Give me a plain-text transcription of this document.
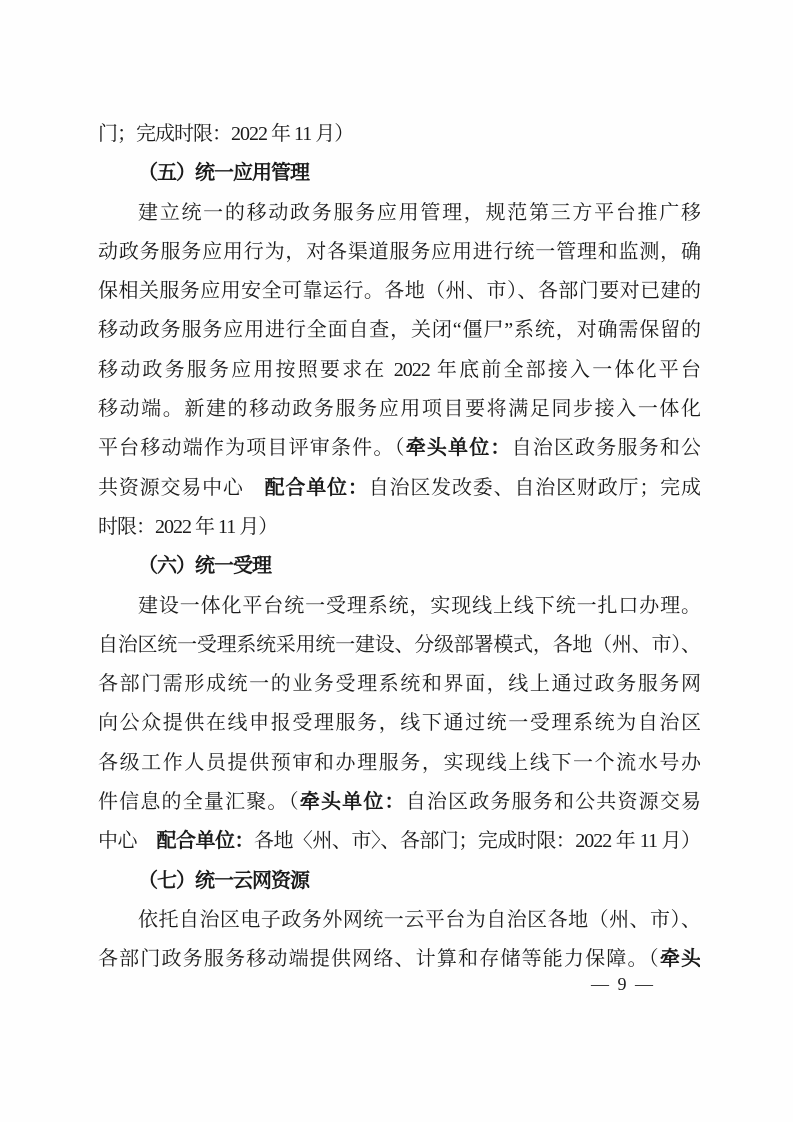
门；完成时限：2022 年 11 月）
（五）统一应用管理
建立统一的移动政务服务应用管理，规范第三方平台推广移
动政务服务应用行为，对各渠道服务应用进行统一管理和监测，确
保相关服务应用安全可靠运行。各地（州、市）、各部门要对已建的
移动政务服务应用进行全面自查，关闭“僵尸”系统，对确需保留的
移动政务服务应用按照要求在 2022 年底前全部接入一体化平台
移动端。新建的移动政务服务应用项目要将满足同步接入一体化
平台移动端作为项目评审条件。（牵头单位：自治区政务服务和公
共资源交易中心　配合单位：自治区发改委、自治区财政厅；完成
时限：2022 年 11 月）
（六）统一受理
建设一体化平台统一受理系统，实现线上线下统一扎口办理。
自治区统一受理系统采用统一建设、分级部署模式，各地（州、市）、
各部门需形成统一的业务受理系统和界面，线上通过政务服务网
向公众提供在线申报受理服务，线下通过统一受理系统为自治区
各级工作人员提供预审和办理服务，实现线上线下一个流水号办
件信息的全量汇聚。（牵头单位：自治区政务服务和公共资源交易
中心　配合单位：各地〈州、市〉、各部门；完成时限：2022 年 11 月）
（七）统一云网资源
依托自治区电子政务外网统一云平台为自治区各地（州、市）、
各部门政务服务移动端提供网络、计算和存储等能力保障。（牵头
— 9 —
